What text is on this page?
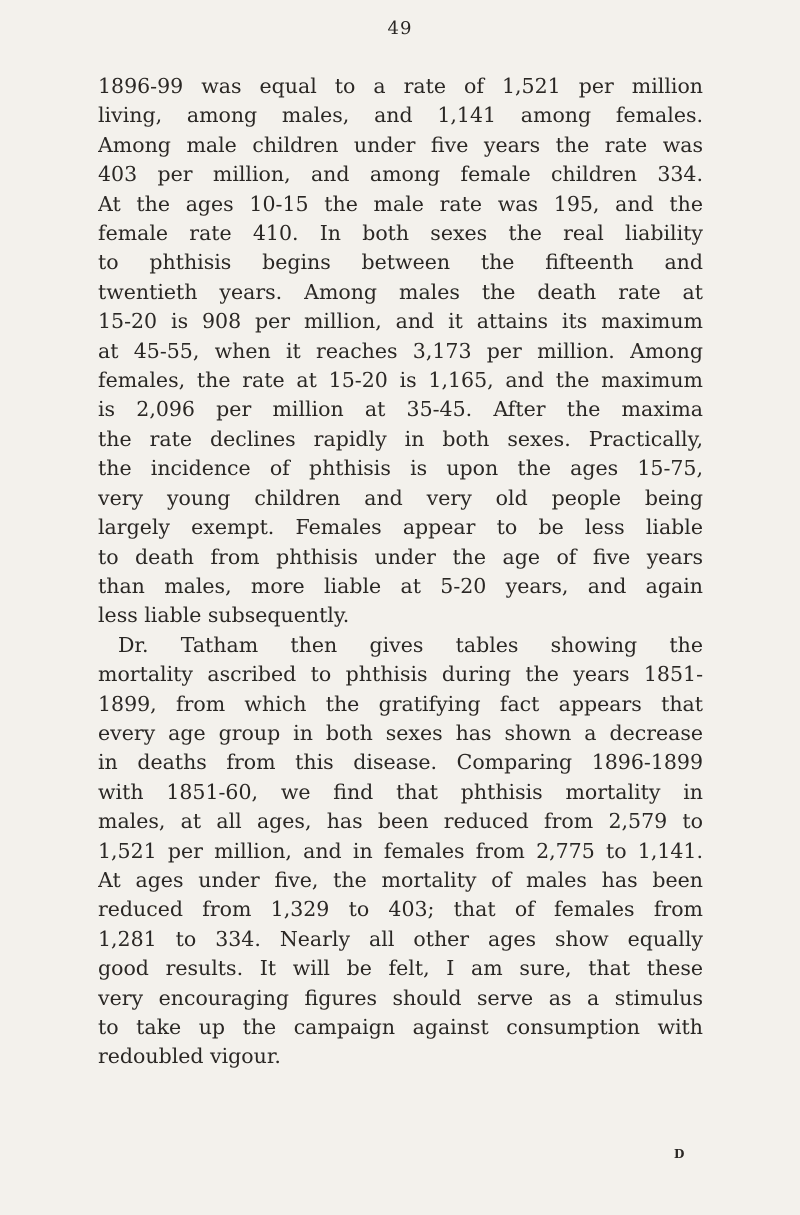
49
1896-99 was equal to a rate of 1,521 per million
living, among males, and 1,141 among females.
Among male children under five years the rate was
403 per million, and among female children 334.
At the ages 10-15 the male rate was 195, and the
female rate 410. In both sexes the real liability
to phthisis begins between the fifteenth and
twentieth years. Among males the death rate at
15-20 is 908 per million, and it attains its maximum
at 45-55, when it reaches 3,173 per million. Among
females, the rate at 15-20 is 1,165, and the maximum
is 2,096 per million at 35-45. After the maxima
the rate declines rapidly in both sexes. Practically,
the incidence of phthisis is upon the ages 15-75,
very young children and very old people being
largely exempt. Females appear to be less liable
to death from phthisis under the age of five years
than males, more liable at 5-20 years, and again
less liable subsequently.
Dr. Tatham then gives tables showing the
mortality ascribed to phthisis during the years 1851-
1899, from which the gratifying fact appears that
every age group in both sexes has shown a decrease
in deaths from this disease. Comparing 1896-1899
with 1851-60, we find that phthisis mortality in
males, at all ages, has been reduced from 2,579 to
1,521 per million, and in females from 2,775 to 1,141.
At ages under five, the mortality of males has been
reduced from 1,329 to 403; that of females from
1,281 to 334. Nearly all other ages show equally
good results. It will be felt, I am sure, that these
very encouraging figures should serve as a stimulus
to take up the campaign against consumption with
redoubled vigour.
D
